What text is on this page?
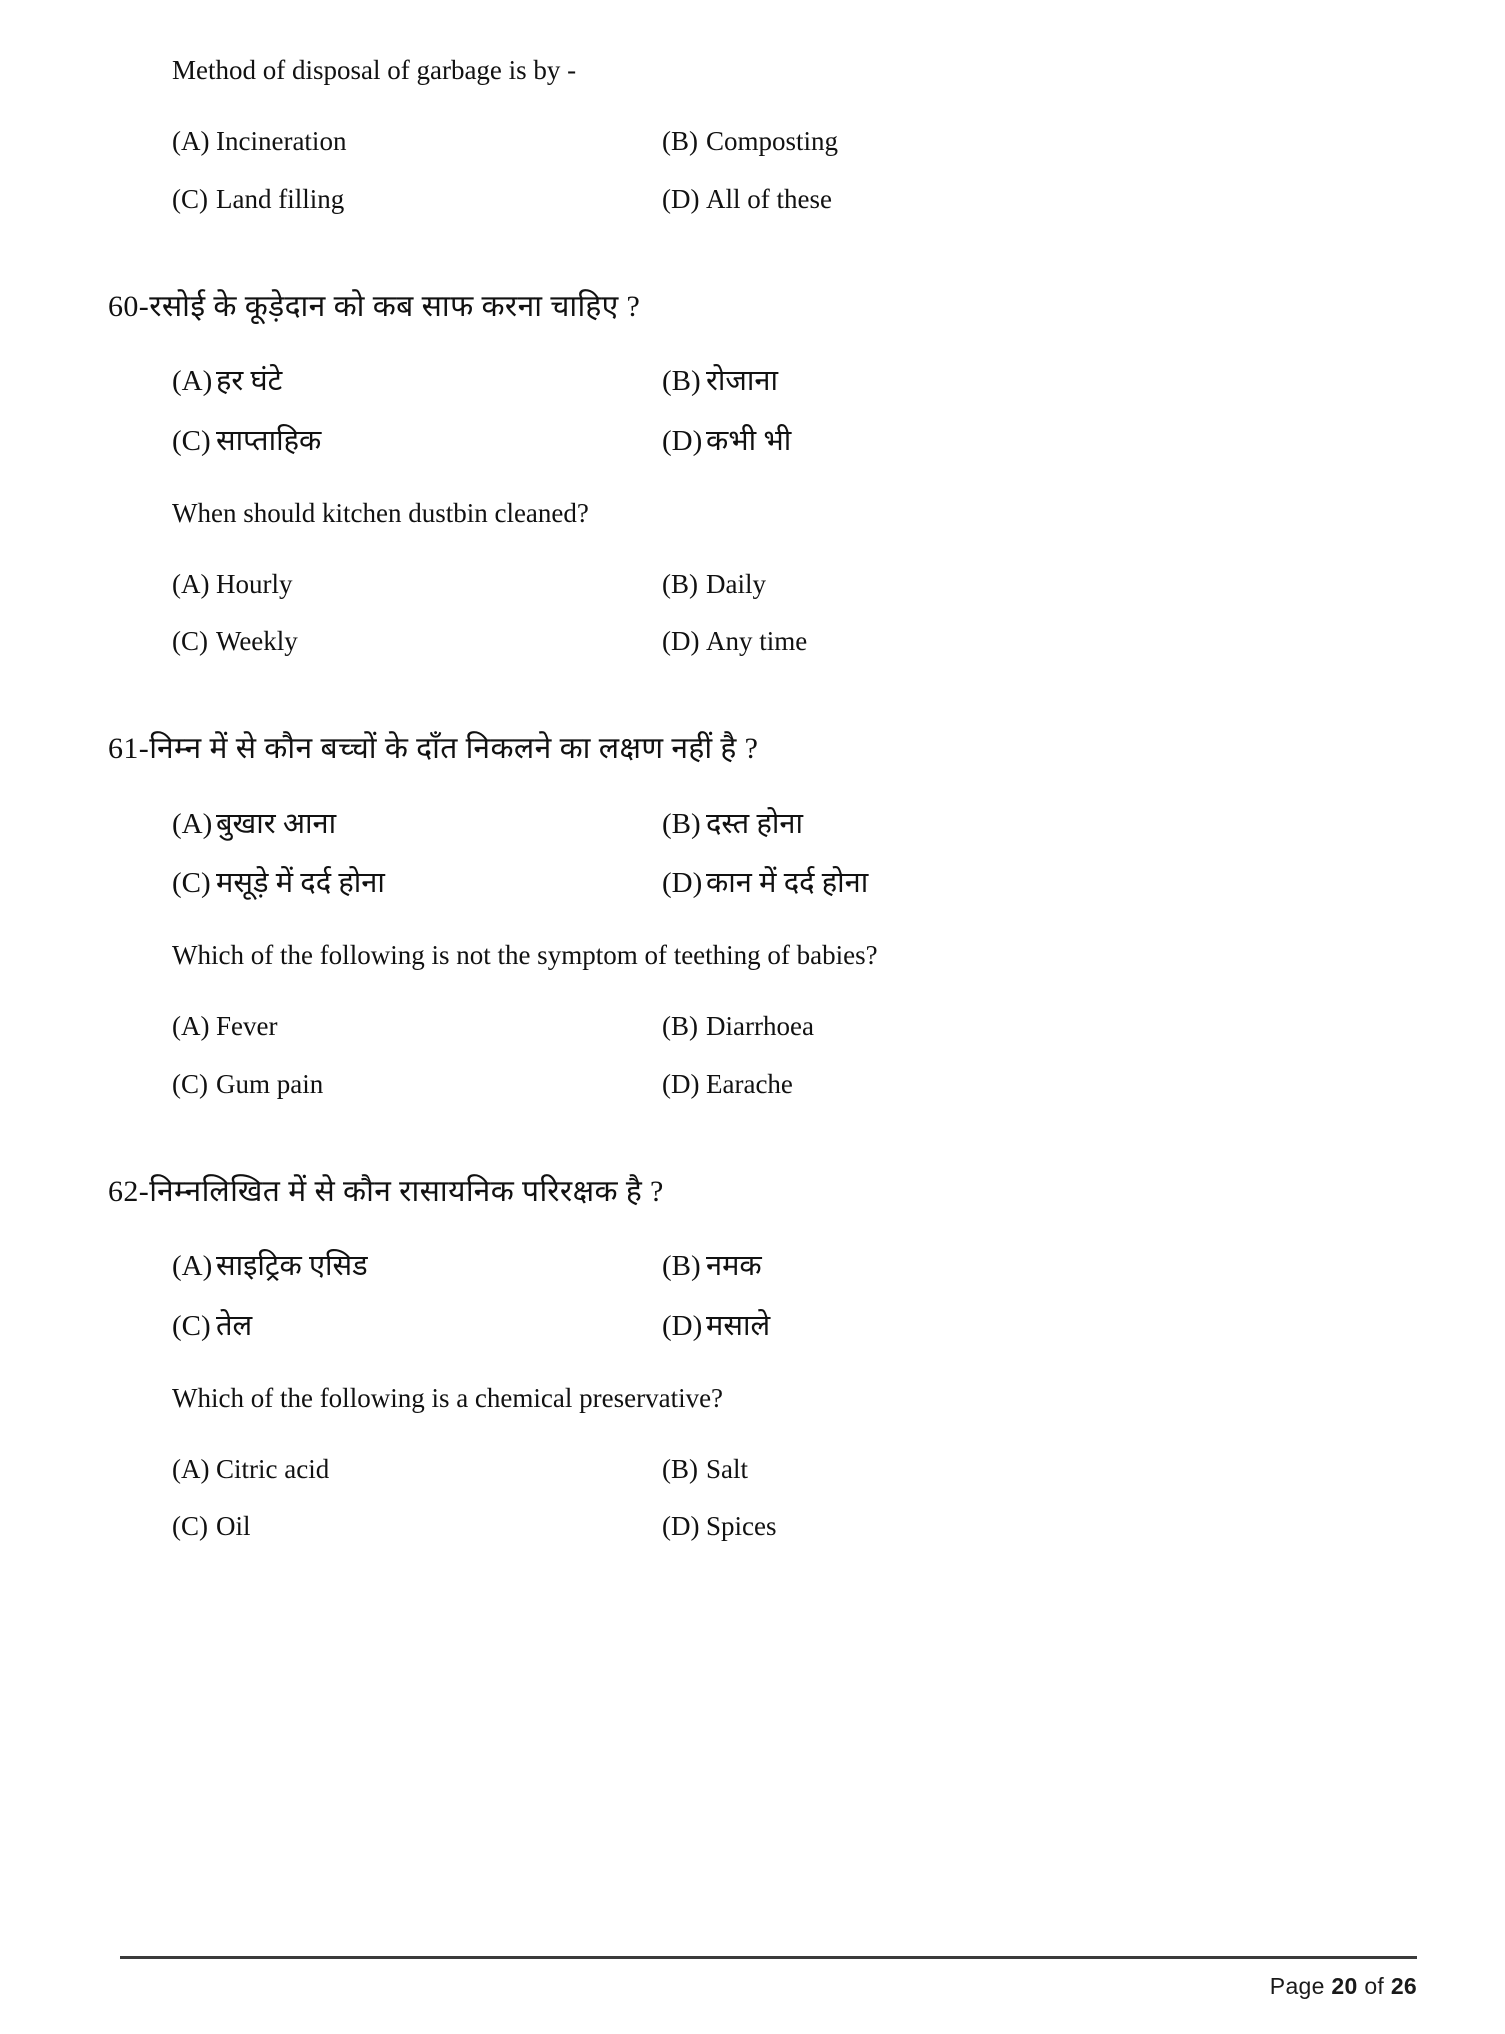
Method of disposal of garbage is by -
(A) Incineration	(B) Composting
(C) Land filling	(D) All of these
60-रसोई के कूड़ेदान को कब साफ करना चाहिए ?
(A) हर घंटे	(B) रोजाना
(C) साप्ताहिक	(D) कभी भी
When should kitchen dustbin cleaned?
(A) Hourly	(B) Daily
(C) Weekly	(D) Any time
61-निम्न में से कौन बच्चों के दाँत निकलने का लक्षण नहीं है ?
(A) बुखार आना	(B) दस्त होना
(C) मसूड़े में दर्द होना	(D) कान में दर्द होना
Which of the following is not the symptom of teething of babies?
(A) Fever	(B) Diarrhoea
(C) Gum pain	(D) Earache
62-निम्नलिखित में से कौन रासायनिक परिरक्षक है ?
(A) साइट्रिक एसिड	(B) नमक
(C) तेल	(D) मसाले
Which of the following is a chemical preservative?
(A) Citric acid	(B) Salt
(C) Oil	(D) Spices
Page 20 of 26
